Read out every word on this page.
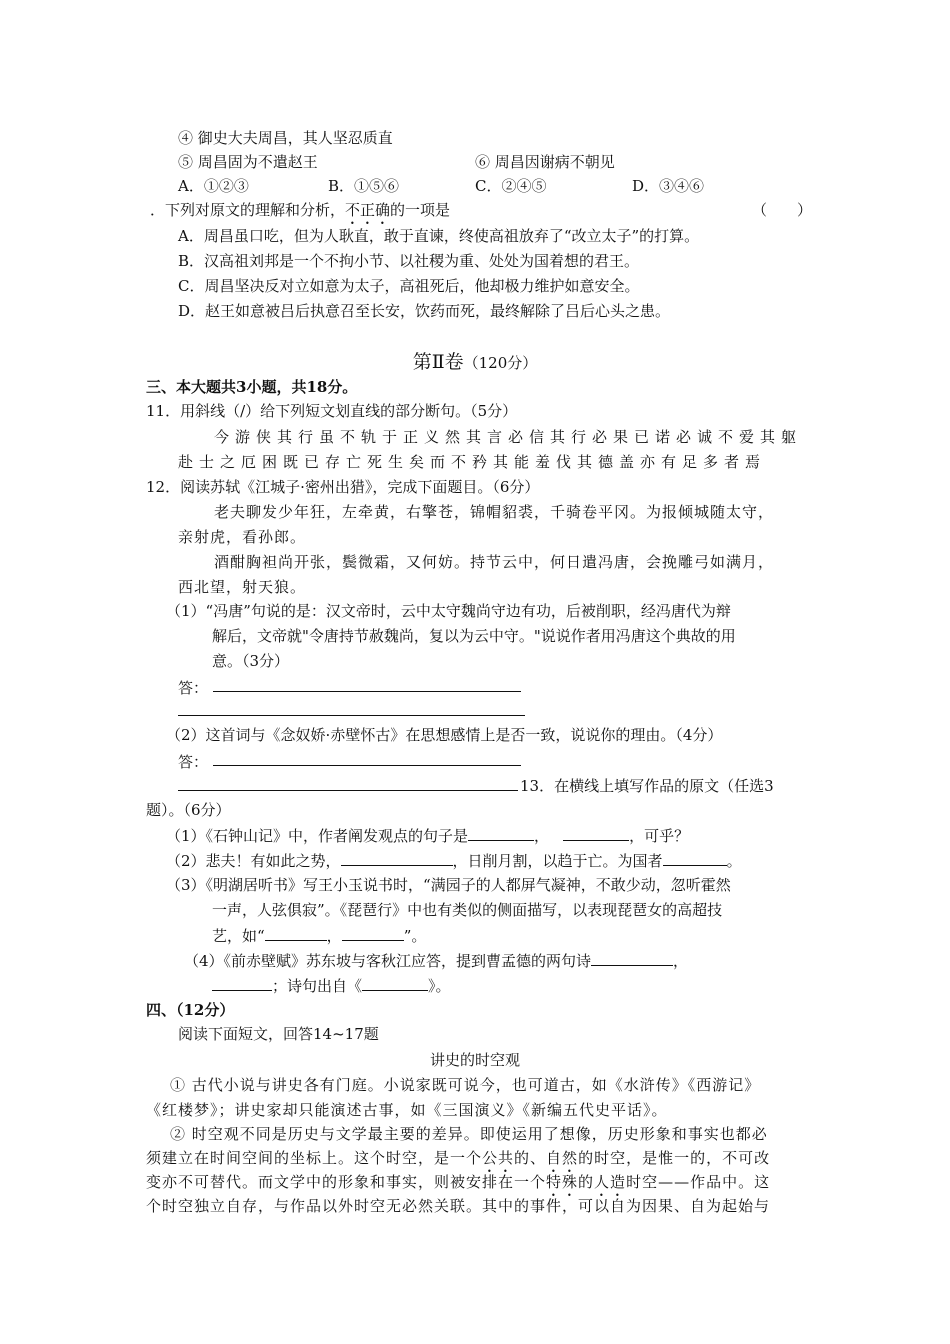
④ 御史大夫周昌，其人坚忍质直
⑤ 周昌固为不遣赵王	⑥ 周昌因谢病不朝见
A．①②③	B．①⑤⑥	C．②④⑤	D．③④⑥
．下列对原文的理解和分析，不正确的一项是	（　　）
A．周昌虽口吃，但为人耿直，敢于直谏，终使高祖放弃了“改立太子”的打算。
B．汉高祖刘邦是一个不拘小节、以社稷为重、处处为国着想的君王。
C．周昌坚决反对立如意为太子，高祖死后，他却极力维护如意安全。
D．赵王如意被吕后执意召至长安，饮药而死，最终解除了吕后心头之患。
第Ⅱ卷（120分）
三、本大题共3小题，共18分。
11．用斜线（/）给下列短文划直线的部分断句。（5分）
今游侠其行虽不轨于正义然其言必信其行必果已诺必诚不爱其躯
赴士之厄困既已存亡死生矣而不矜其能羞伐其德盖亦有足多者焉
12．阅读苏轼《江城子·密州出猎》，完成下面题目。（6分）
老夫聊发少年狂，左牵黄，右擎苍，锦帽貂裘，千骑卷平冈。为报倾城随太守，
亲射虎，看孙郎。
酒酣胸袒尚开张，鬓微霜，又何妨。持节云中，何日遣冯唐，会挽雕弓如满月，
西北望，射天狼。
（1）“冯唐”句说的是：汉文帝时，云中太守魏尚守边有功，后被削职，经冯唐代为辩
解后，文帝就"令唐持节赦魏尚，复以为云中守。"说说作者用冯唐这个典故的用
意。（3分）
答：
（2）这首词与《念奴娇·赤壁怀古》在思想感情上是否一致，说说你的理由。（4分）
答：
13．在横线上填写作品的原文（任选3
题）。（6分）
（1）《石钟山记》中，作者阐发观点的句子是	，	，可乎？
（2）悲夫！有如此之势，	，日削月割，以趋于亡。为国者	。
（3）《明湖居听书》写王小玉说书时，“满园子的人都屏气凝神，不敢少动，忽听霍然
一声，人弦俱寂”。《琵琶行》中也有类似的侧面描写，以表现琵琶女的高超技
艺，如“	，	”。
（4）《前赤壁赋》苏东坡与客秋江应答，提到曹孟德的两句诗	，
；诗句出自《	》。
四、（12分）
阅读下面短文，回答14~17题
讲史的时空观
① 古代小说与讲史各有门庭。小说家既可说今，也可道古，如《水浒传》《西游记》
《红楼梦》；讲史家却只能演述古事，如《三国演义》《新编五代史平话》。
② 时空观不同是历史与文学最主要的差异。即使运用了想像，历史形象和事实也都必
须建立在时间空间的坐标上。这个时空，是一个公共的、自然的时空，是惟一的，不可改
变亦不可替代。而文学中的形象和事实，则被安排在一个特殊的人造时空——作品中。这
个时空独立自存，与作品以外时空无必然关联。其中的事件，可以自为因果、自为起始与
